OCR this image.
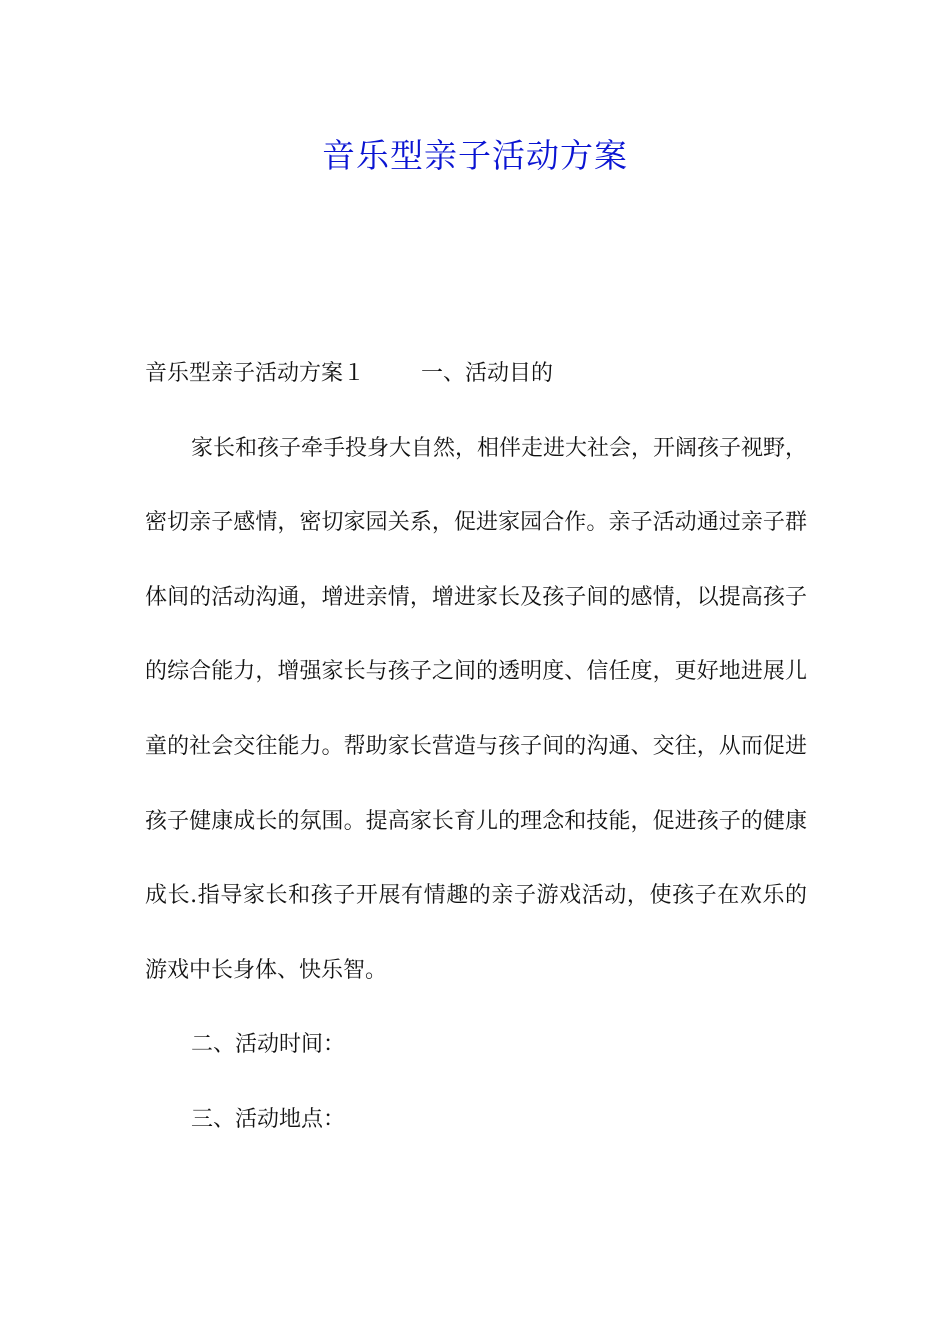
音乐型亲子活动方案

音乐型亲子活动方案１	一、活动目的

家长和孩子牵手投身大自然，相伴走进大社会，开阔孩子视野，密切亲子感情，密切家园关系，促进家园合作。亲子活动通过亲子群体间的活动沟通，增进亲情，增进家长及孩子间的感情，以提高孩子的综合能力，增强家长与孩子之间的透明度、信任度，更好地进展儿童的社会交往能力。帮助家长营造与孩子间的沟通、交往，从而促进孩子健康成长的氛围。提高家长育儿的理念和技能，促进孩子的健康成长.指导家长和孩子开展有情趣的亲子游戏活动，使孩子在欢乐的游戏中长身体、快乐智。

二、活动时间：

三、活动地点：
